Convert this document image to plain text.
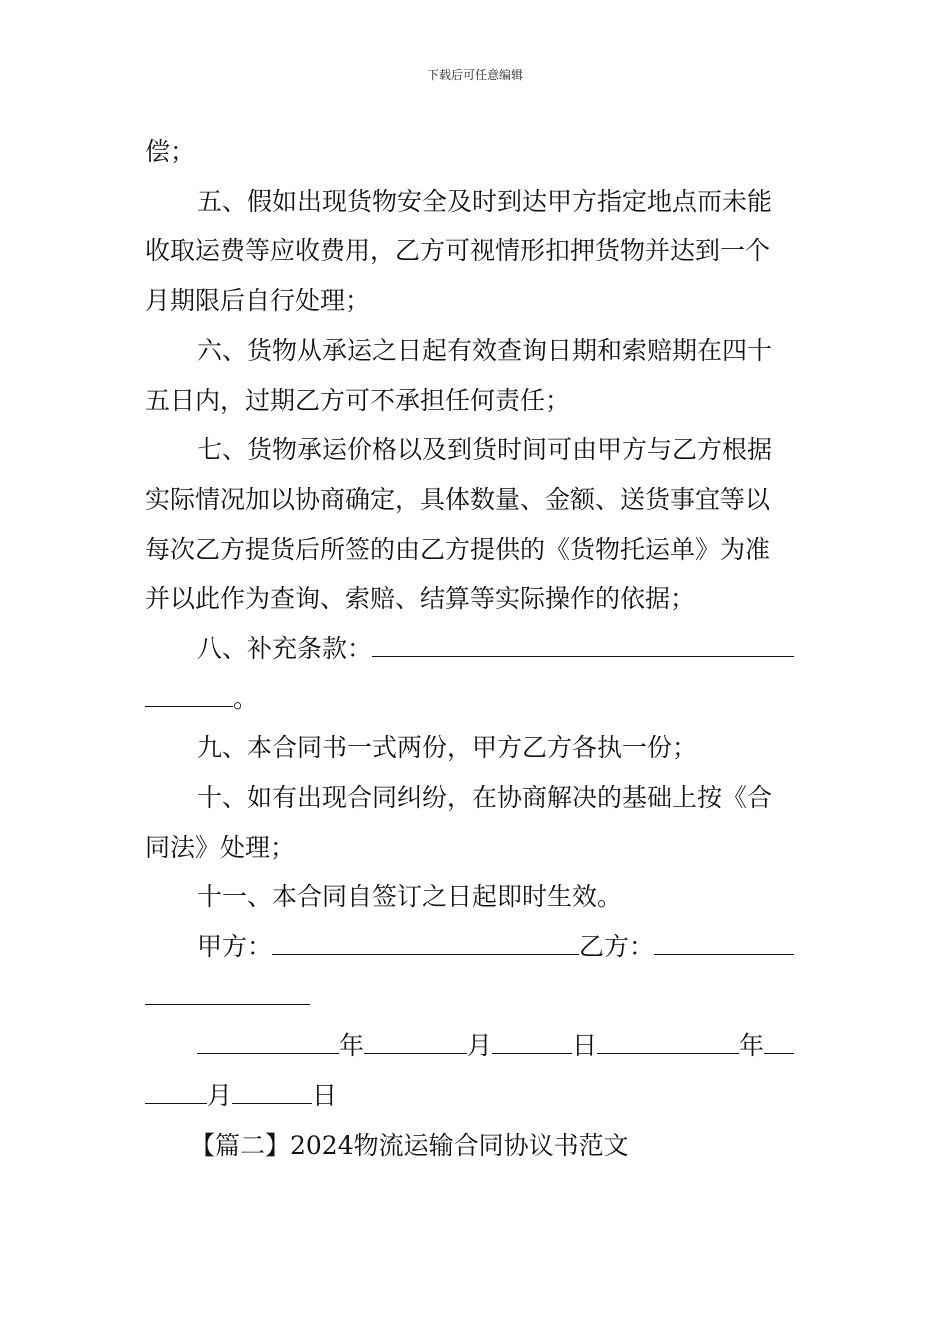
下载后可任意编辑
偿；
五、假如出现货物安全及时到达甲方指定地点而未能
收取运费等应收费用，乙方可视情形扣押货物并达到一个
月期限后自行处理；
六、货物从承运之日起有效查询日期和索赔期在四十
五日内，过期乙方可不承担任何责任；
七、货物承运价格以及到货时间可由甲方与乙方根据
实际情况加以协商确定，具体数量、金额、送货事宜等以
每次乙方提货后所签的由乙方提供的《货物托运单》为准
并以此作为查询、索赔、结算等实际操作的依据；
八、补充条款：
。
九、本合同书一式两份，甲方乙方各执一份；
十、如有出现合同纠纷，在协商解决的基础上按《合
同法》处理；
十一、本合同自签订之日起即时生效。
甲方：	乙方：
年	月	日	年
月	日
【篇二】2024物流运输合同协议书范文
